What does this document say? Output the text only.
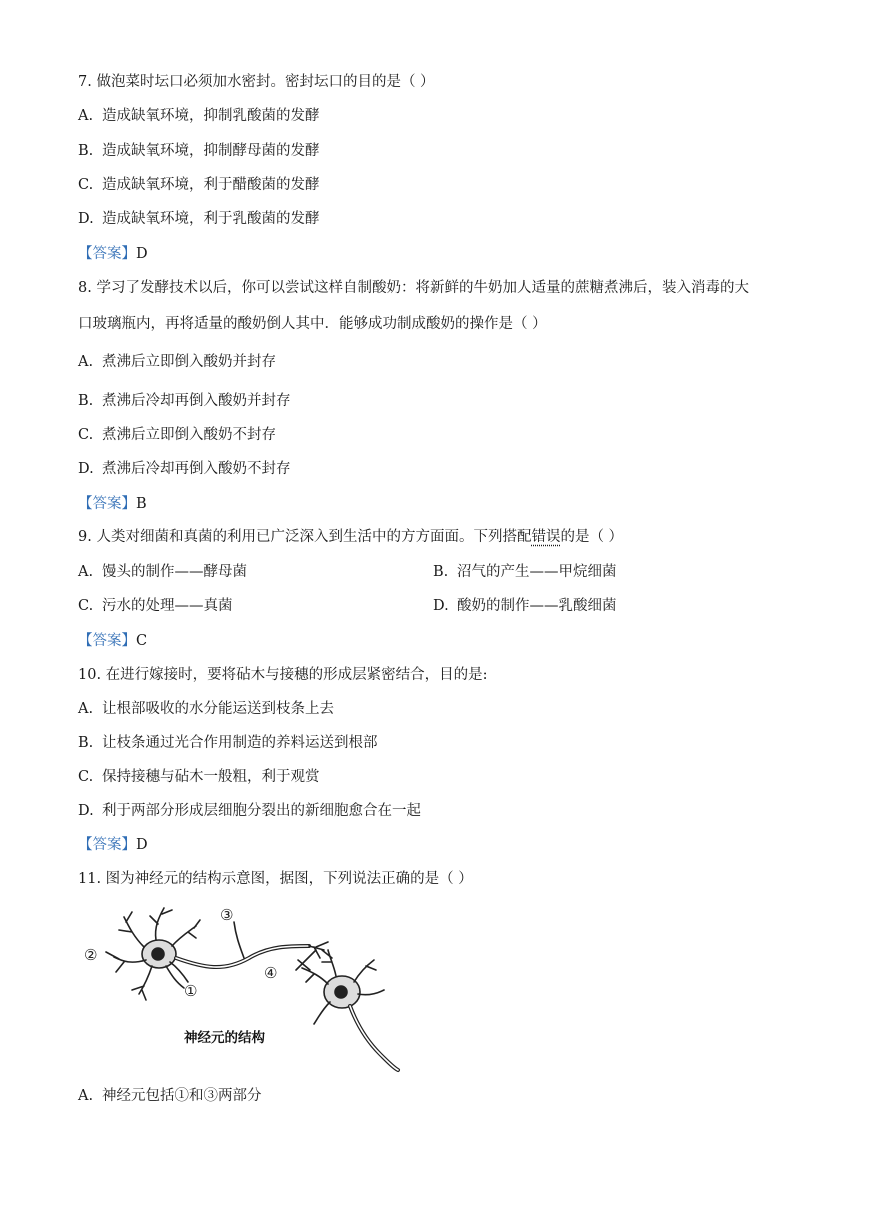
7. 做泡菜时坛口必须加水密封。密封坛口的目的是（ ）
A. 造成缺氧环境，抑制乳酸菌的发酵
B. 造成缺氧环境，抑制酵母菌的发酵
C. 造成缺氧环境，利于醋酸菌的发酵
D. 造成缺氧环境，利于乳酸菌的发酵
【答案】D
8. 学习了发酵技术以后，你可以尝试这样自制酸奶：将新鲜的牛奶加人适量的蔗糖煮沸后，装入消毒的大
口玻璃瓶内，再将适量的酸奶倒人其中．能够成功制成酸奶的操作是（ ）
A. 煮沸后立即倒入酸奶并封存
B. 煮沸后冷却再倒入酸奶并封存
C. 煮沸后立即倒入酸奶不封存
D. 煮沸后冷却再倒入酸奶不封存
【答案】B
9. 人类对细菌和真菌的利用已广泛深入到生活中的方方面面。下列搭配错误的是（ ）
A. 馒头的制作——酵母菌	B. 沼气的产生——甲烷细菌
C. 污水的处理——真菌	D. 酸奶的制作——乳酸细菌
【答案】C
10. 在进行嫁接时，要将砧木与接穗的形成层紧密结合，目的是:
A. 让根部吸收的水分能运送到枝条上去
B. 让枝条通过光合作用制造的养料运送到根部
C. 保持接穗与砧木一般粗，利于观赏
D. 利于两部分形成层细胞分裂出的新细胞愈合在一起
【答案】D
11. 图为神经元的结构示意图，据图，下列说法正确的是（ ）
③
②
①
④
神经元的结构
A. 神经元包括①和③两部分
